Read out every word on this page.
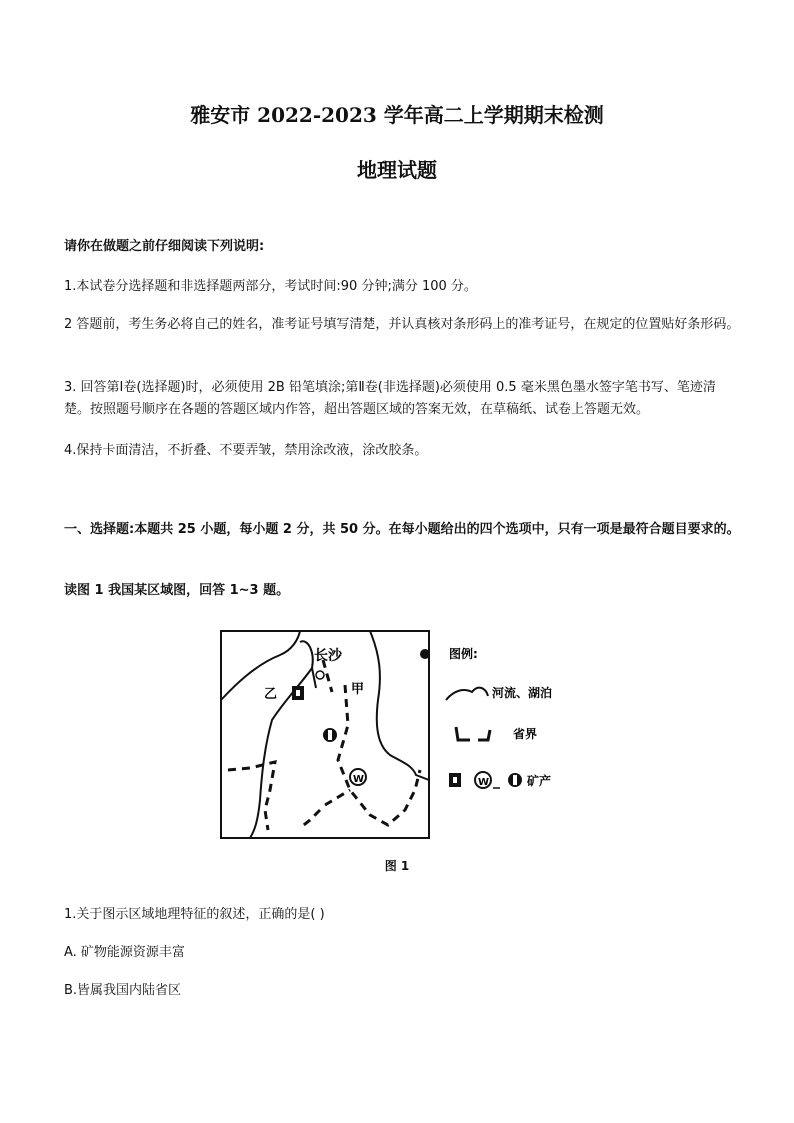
雅安市 2022-2023 学年高二上学期期末检测
地理试题
请你在做题之前仔细阅读下列说明:
1.本试卷分选择题和非选择题两部分，考试时间:90 分钟;满分 100 分。
2 答题前，考生务必将自己的姓名，准考证号填写清楚，并认真核对条形码上的准考证号，在规定的位置贴好条形码。
3. 回答第Ⅰ卷(选择题)时，必须使用 2B 铅笔填涂;第Ⅱ卷(非选择题)必须使用 0.5 毫米黑色墨水签字笔书写、笔迹清楚。按照题号顺序在各题的答题区域内作答，超出答题区域的答案无效，在草稿纸、试卷上答题无效。
4.保持卡面清洁，不折叠、不要弄皱，禁用涂改液，涂改胶条。
一、选择题:本题共 25 小题，每小题 2 分，共 50 分。在每小题给出的四个选项中，只有一项是最符合题目要求的。
读图 1 我国某区域图，回答 1~3 题。
长沙
甲
乙
W
图例:
河流、湖泊
省界
W	矿产
图 1
1.关于图示区域地理特征的叙述，正确的是( )
A. 矿物能源资源丰富
B.皆属我国内陆省区
